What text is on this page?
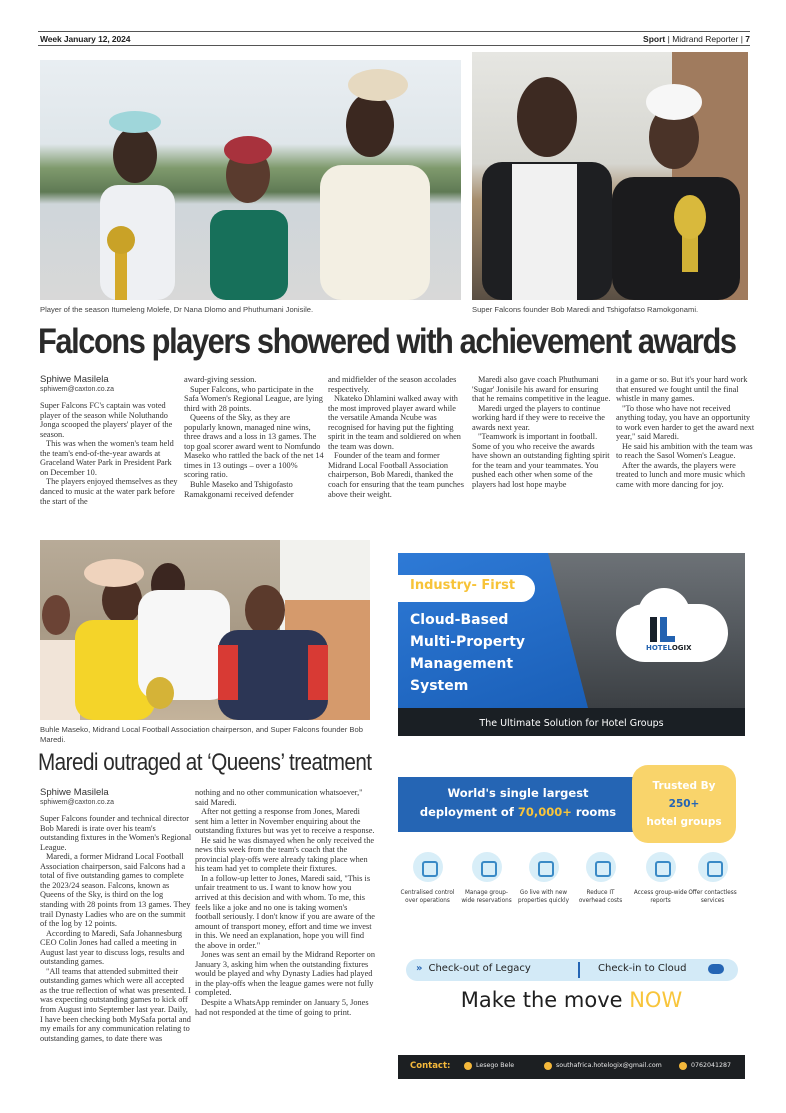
Week January 12, 2024	Sport | Midrand Reporter | 7
Player of the season Itumeleng Molefe, Dr Nana Dlomo and Phuthumani Jonisile.	Super Falcons founder Bob Maredi and Tshigofatso Ramokgonami.
Falcons players showered with achievement awards
Sphiwe Masilela
sphiwem@caxton.co.za

Super Falcons FC's captain was voted player of the season while Noluthando Jonga scooped the players' player of the season.

This was when the women's team held the team's end-of-the-year awards at Graceland Water Park in President Park on December 10.

The players enjoyed themselves as they danced to music at the water park before the start of the

award-giving session.

Super Falcons, who participate in the Safa Women's Regional League, are lying third with 28 points.

Queens of the Sky, as they are popularly known, managed nine wins, three draws and a loss in 13 games. The top goal scorer award went to Nomfundo Maseko who rattled the back of the net 14 times in 13 outings – over a 100% scoring ratio.

Buhle Maseko and Tshigofasto Ramakgonami received defender

and midfielder of the season accolades respectively.

Nkateko Dhlamini walked away with the most improved player award while the versatile Amanda Ncube was recognised for having put the fighting spirit in the team and soldiered on when the team was down.

Founder of the team and former Midrand Local Football Association chairperson, Bob Maredi, thanked the coach for ensuring that the team punches above their weight.

Maredi also gave coach Phuthumani 'Sugar' Jonisile his award for ensuring that he remains competitive in the league.

Maredi urged the players to continue working hard if they were to receive the awards next year.

"Teamwork is important in football. Some of you who receive the awards have shown an outstanding fighting spirit for the team and your teammates. You pushed each other when some of the players had lost hope maybe

in a game or so. But it's your hard work that ensured we fought until the final whistle in many games.

"To those who have not received anything today, you have an opportunity to work even harder to get the award next year," said Maredi.

He said his ambition with the team was to reach the Sasol Women's League.

After the awards, the players were treated to lunch and more music which came with more dancing for joy.

Buhle Maseko, Midrand Local Football Association chairperson, and Super Falcons founder Bob Maredi.
Maredi outraged at ‘Queens’ treatment
Sphiwe Masilela
sphiwem@caxton.co.za

Super Falcons founder and technical director Bob Maredi is irate over his team's outstanding fixtures in the Women's Regional League.

Maredi, a former Midrand Local Football Association chairperson, said Falcons had a total of five outstanding games to complete the 2023/24 season. Falcons, known as Queens of the Sky, is third on the log standing with 28 points from 13 games. They trail Dynasty Ladies who are on the summit of the log by 12 points.

According to Maredi, Safa Johannesburg CEO Colin Jones had called a meeting in August last year to discuss logs, results and outstanding games.

"All teams that attended submitted their outstanding games which were all accepted as the true reflection of what was presented. I was expecting outstanding games to kick off from August into September last year. Daily, I have been checking both MySafa portal and my emails for any communication relating to outstanding games, to date there was

nothing and no other communication whatsoever," said Maredi.

After not getting a response from Jones, Maredi sent him a letter in November enquiring about the outstanding fixtures but was yet to receive a response.

He said he was dismayed when he only received the news this week from the team's coach that the provincial play-offs were already taking place when his team had yet to complete their fixtures.

In a follow-up letter to Jones, Maredi said, "This is unfair treatment to us. I want to know how you arrived at this decision and with whom. To me, this feels like a joke and no one is taking women's football seriously. I don't know if you are aware of the amount of transport money, effort and time we invest in this. We need an explanation, hope you will find the above in order."

Jones was sent an email by the Midrand Reporter on January 3, asking him when the outstanding fixtures would be played and why Dynasty Ladies had played in the play-offs when the league games were not fully completed.

Despite a WhatsApp reminder on January 5, Jones had not responded at the time of going to print.

Industry- First
Cloud-Based
Multi-Property
Management
System
HOTELOGIX
The Ultimate Solution for Hotel Groups
World's single largest
deployment of 70,000+ rooms
Trusted By
250+
hotel groups
Centralised control over operations
Manage group-wide reservations
Go live with new properties quickly
Reduce IT overhead costs
Access group-wide reports
Offer contactless services
» Check-out of Legacy	Check-in to Cloud
Make the move NOW
Contact:	Lesego Bele	southafrica.hotelogix@gmail.com	0762041287
